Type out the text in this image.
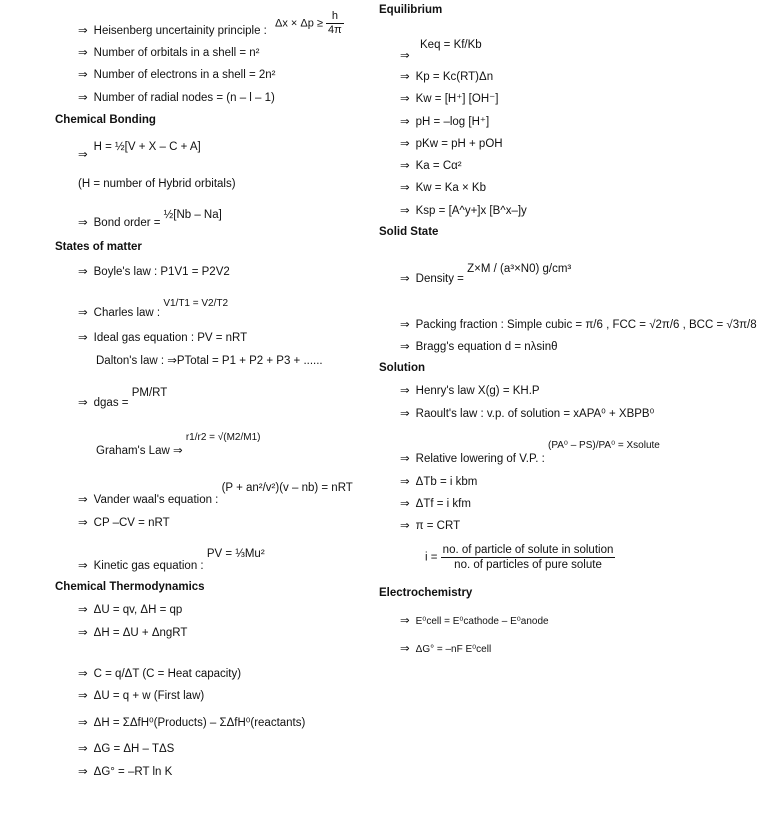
$\Delta x \times \Delta p \ge \frac{h}{4\pi}$
⇒ Heisenberg uncertainity principle :
⇒ Number of orbitals in a shell = n²
⇒ Number of electrons in a shell = 2n²
⇒ Number of radial nodes = (n – l – 1)
Chemical Bonding
⇒H = ½[V + X – C + A]
(H = number of Hybrid orbitals)
⇒ Bond order = ½[Nb – Na]
States of matter
⇒ Boyle's law : P1V1 = P2V2
⇒ Charles law : V1/T1 = V2/T2
⇒ Ideal gas equation : PV = nRT
Dalton's law : ⇒PTotal = P1 + P2 + P3 + ......
⇒ dgas = PM/RT
Graham's Law ⇒ r1/r2 = √(M2/M1)
⇒ Vander waal's equation : (P + an²/v²)(v – nb) = nRT
⇒ CP –CV = nRT
⇒ Kinetic gas equation : PV = ⅓Mu²
Chemical Thermodynamics
⇒ ΔU = qv, ΔH = qp
⇒ ΔH = ΔU + ΔngRT
⇒ C = q/ΔT (C = Heat capacity)
⇒ ΔU = q + w (First law)
⇒ ΔH = ΣΔfH⁰(Products) – ΣΔfH⁰(reactants)
⇒ ΔG = ΔH – TΔS
⇒ ΔG° = –RT ln K
Equilibrium
Keq = Kf/Kb
⇒
⇒ Kp = Kc(RT)Δn
⇒ Kw = [H⁺] [OH⁻]
⇒ pH = –log [H⁺]
⇒ pKw = pH + pOH
⇒ Ka = Cα²
⇒ Kw = Ka × Kb
⇒ Ksp = [A^y+]x [B^x–]y
Solid State
⇒ Density = Z×M / (a³×N0) g/cm³
⇒ Packing fraction : Simple cubic = π/6 , FCC = √2π/6 , BCC = √3π/8
⇒ Bragg's equation d = nλsinθ
Solution
⇒ Henry's law X(g) = KH.P
⇒ Raoult's law : v.p. of solution = xAPA⁰ + XBPB⁰
⇒ Relative lowering of V.P. : (PA⁰ – PS)/PA⁰ = Xsolute
⇒ ΔTb = i kbm
⇒ ΔTf = i kfm
⇒ π = CRT
i =
no. of particle of solute in solution
no. of particles of pure solute
Electrochemistry
⇒ E⁰cell = E⁰cathode – E⁰anode
⇒ ΔG° = –nF E⁰cell
